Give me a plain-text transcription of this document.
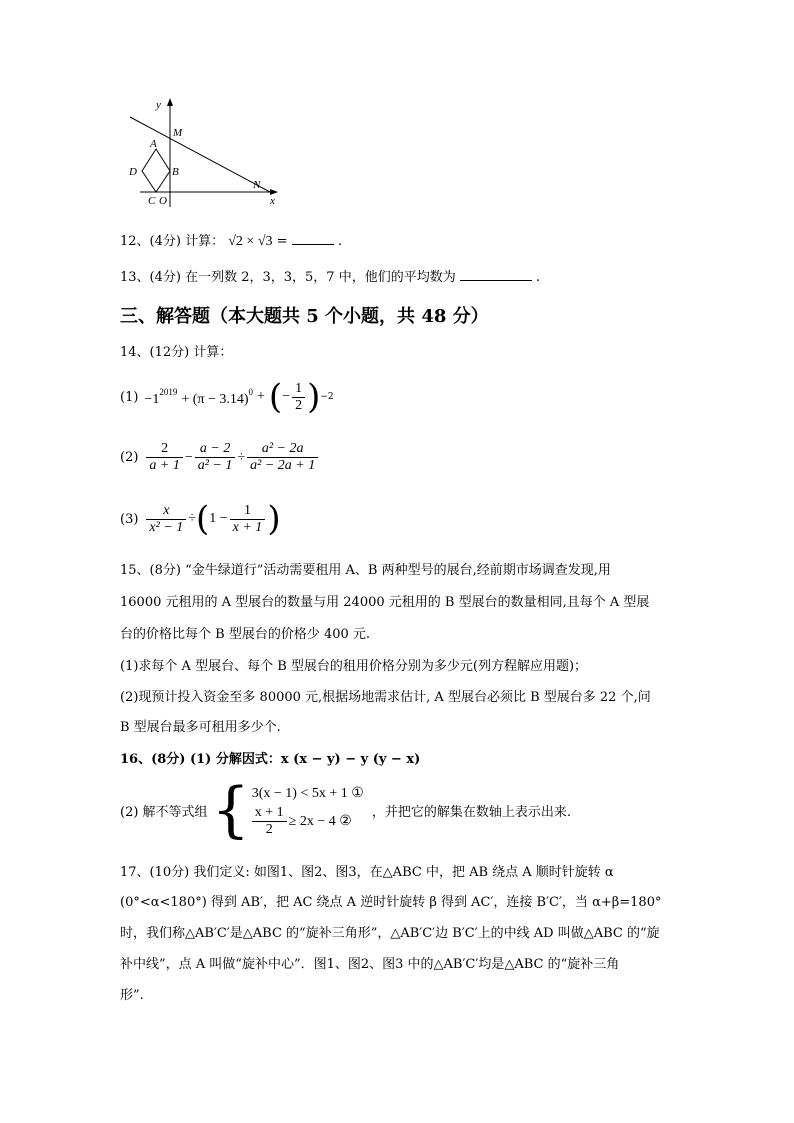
y
M
A
B
D
C O
N
x
12、(4分) 计算： √2 × √3 =	.
13、(4分) 在一列数 2，3，3，5，7 中，他们的平均数为	.
三、解答题（本大题共 5 个小题，共 48 分）
14、(12分) 计算：
$(1) -1^{2019} + (\pi - 3.14)^0$ + ( − $\frac{1}{2}$ ) −2
$(2) \frac{2}{a + 1} - \frac{a - 2}{\text{a² − 1}} \div \frac{\text{a² − 2a}}{\text{a² − 2a + 1}}$
$(3) \frac{x}{\text{x² − 1}}$ ÷ ( $1 - \frac{1}{x + 1}$ )
15、(8分) “金牛绿道行”活动需要租用 A、B 两种型号的展台,经前期市场调查发现,用
16000 元租用的 A 型展台的数量与用 24000 元租用的 B 型展台的数量相同,且每个 A 型展
台的价格比每个 B 型展台的价格少 400 元.
(1)求每个 A 型展台、每个 B 型展台的租用价格分别为多少元(列方程解应用题)；
(2)现预计投入资金至多 80000 元,根据场地需求估计, A 型展台必须比 B 型展台多 22 个,问
B 型展台最多可租用多少个.
16、(8分) (1) 分解因式：x (x − y) − y (y − x)
(2) 解不等式组 { 3(x − 1) < 5x + 1 ①
$\frac{x + 1}{2} \ge 2x - 4$ ②
，并把它的解集在数轴上表示出来.
17、(10分) 我们定义: 如图1、图2、图3，在△ABC 中，把 AB 绕点 A 顺时针旋转 α
(0°<α<180°) 得到 AB′，把 AC 绕点 A 逆时针旋转 β 得到 AC′，连接 B′C′，当 α+β=180°
时，我们称△AB′C′是△ABC 的“旋补三角形”，△AB′C′边 B′C′上的中线 AD 叫做△ABC 的“旋
补中线”，点 A 叫做“旋补中心”．图1、图2、图3 中的△AB′C′均是△ABC 的“旋补三角
形”.
